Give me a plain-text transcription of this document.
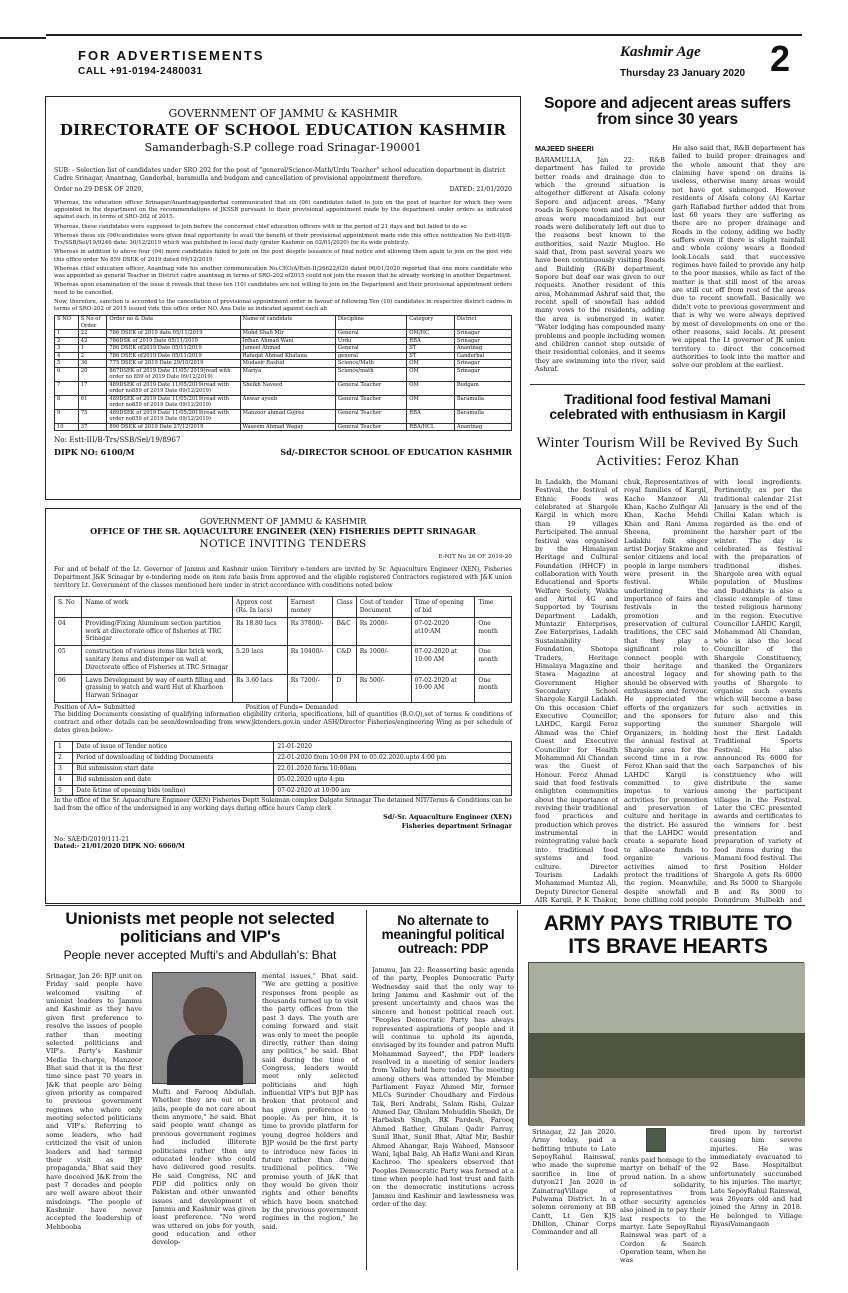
FOR ADVERTISEMENTS
CALL +91-0194-2480031
Kashmir Age
Thursday 23 January 2020 2
GOVERNMENT OF JAMMU & KASHMIR
DIRECTORATE OF SCHOOL EDUCATION KASHMIR
Samanderbagh-S.P college road Srinagar-190001
SUB: - Selection list of candidates under SRO 202 for the post of "general/Science-Math/Urdu Teacher" school education department in district Cadre Srinagar, Anantnag, Ganderbal, baramulla and budgam and cancellation of provisional appointment therefore.
Order no.29 DESK OF 2020,	DATED: 21/01/2020
Whereas, the education officer Srinagar/Anantnag/ganderbal communicated that six (06) candidates failed to join on the post of teacher for which they were appointed in the department on the recommendations of JKSSB pursuant to their provisional appointment made by the department under orders as indicated against each, in terms of SRO-202 of 2015.
Whereas, these candidates were supposed to join before the concerned chief education officers with in the period of 21 days and but failed to do so
Whereas these six (06)candidates were given final opportunity to avail the benefit of their provisional appointment made vide this office notification No Estt-III/B-Trs/SSB/Sel/19/9246 date: 30/12/2019 which was published in local daily (grater Kashmir on 02/01/2020) for its wide publicity.
Whereas in addition to above four (04) more candidates failed to join on the post despite issuance of final notice and allowing them again to join on the post vide this office order No 859 DSEK of 2019 dated 09/12/2019
Whereas chief education officer, Anantnag vide his another communication No.CEO/A/Estt-II/26622/020 dated 06/01/2020 reported that one more candidate who was appointed as general Teacher in District cadre anantnag in terms of SRO-202 of2015 could not join the reason that he already working in another Department.
Whereas upon examination of the issue it reveals that these ten (10) candidates are not willing to join on the Department and their provisional appointment orders need to be cancelled.
Now, therefore, sanction is accorded to the cancellation of provisional appointment order in favour of following Ten (10) candidates in respective district cadres in terms of SRO-202 of 2015 issued vide this office order NO. Ana Date as indicated against each ab
S NO	S No of Order	Order no & Date	Name of candidate	Discipline	Category	District
1	22	786 DSEK of 2019 date 05/11/2019	Mohd Shafi Mir	General	OM/HC	Srinagar
2	42	786DSK of 2019 Date 05/11/2019	Irfhan Ahmad Wani	Urdu	RBA	Srinagar
3	1	786 DSEK of2019 Date 05/11/2019	Jameel Ahmad	General	ST	Anantnag
4	2	786 DSEK of2019 Date 05/11/2019	Rafaqat Ahmad Khatana	general	ST	Ganderbal
5	36	775 DSEK of 2019 Date 29/10/2019	Mudasir Rashid	Science/Math	OM	Srinagar
6	20	867DSEK of 2019 Date 11/05/ 2019(read with order no 859 of 2019 Date 09/12/2019)	Mariya	Science/math	OM	Srinagar
7	17	489DSEK of 2019 Date 11/05/2019(read with order no859 of 2019 Date 09/12/2019)	Sheikh Naveed	General Teacher	OM	Budgam
8	61	489DSEK of 2019 Date 11/05/2019(read with order no859 of 2019 Date 09/12/2019)	Anwar ayoub	General Teacher	OM	Baramulla
9	75	489DSEK of 2019 Date 11/05/2019(read with order no859 of 2019 Date 09/12/2019)	Manzoor ahmad Gojree	General Teacher	RBA	Baramulla
10	37	890 DSEK of 2019 Date 27/12/2019	Waseem Ahmad Wagay	General Teacher	RBA/HCL	Anantnag
No: Estt-III/B-Trs/SSB/Sel/19/8967
DIPK NO: 6100/M	Sd/-DIRECTOR SCHOOL OF EDUCATION KASHMIR
GOVERNMENT OF JAMMU & KASHMIR
OFFICE OF THE SR. AQUACULTURE ENGINEER (XEN) FISHERIES DEPTT SRINAGAR
NOTICE INVITING TENDERS
E-NIT No 26 OF 2019-20
For and of behalf of the Lt. Governor of Jammu and Kashmir union Territory e-tenders are invited by Sr. Aquaculture Engineer (XEN), Fisheries Department J&K Srinagar by e-tendering mode on item rate basis from approved and the eligible registered Contractors registered with J&K union territory Lt. Government of the classes mentioned here under in strict accordance with conditions noted below
S. No	Name of work	Approx cost (Rs. In lacs)	Earnest money	Class	Cost of tender Document	Time of opening of bid	Time
04	Providing/Fixing Aluminum section partition work at directorate office of fisheries at TRC Srinagar	Rs 18.80 lacs	Rs 37800/-	B&C	Rs 2000/-	07-02-2020 at10:AM	One month
05	construction of various items like brick work, sanitary items and distemper on wall at Directorate office of Fisheries at TRC Srinagar	5.20 lacs	Rs 10400/-	C&D	Rs 1000/-	07-02-2020 at 10:00 AM	One month
06	Lawn Development by way of earth filling and grassing to watch and ward Hut at Kharhoon Harwan Srinagar	Rs 3.60 lacs	Rs 7200/-	D	Rs 500/-	07-02-2020 at 10:00 AM	One month
Position of AA= Submitted	Position of Funds= Demanded
The bidding Documents consisting of qualifying information eligibility criteria, specifications, bill of quantities (B.O.Q),set of terms & conditions of contract and other details can be seen/downloading from www.jktenders.gov.in under ASH/Director Fisheries/engineering Wing as per schedule of dates given below:-
1	Date of issue of Tender notice	21-01-2020
2	Period of downloading of bidding Documents	22-01-2020 from 10:00 PM to 05.02.2020.upto 4:00 pm
3	Bid submission start date	22.01.2020 form 10:00am
4	Bid submission end date	05.02.2020 upto 4:pm
5	Date &time of opening bids (online)	07-02-2020 at 10:00 am
In the office of the Sr. Aquaculture Engineer (XEN) Fisheries Deptt Suleiman complex Dalgate Srinagar The detained NIT/Terms & Conditions can be had from the office of the undersigned in any working days during office hours Camp clerk
Sd/-Sr. Aquaculture Engineer (XEN)
Fisheries department Srinagar
No: SAE/D/2019/111-21
Dated:- 21/01/2020 DIPK NO: 6060/M
Sopore and adjecent areas suffers from since 30 years
MAJEED SHEERI
BARAMULLA, Jan 22: R&B department has failed to provide better roads and drainage due to which the ground situation is altogether different at Alsafa colony Sopore and adjacent areas. "Many roads in Sopore town and its adjacent areas were macadamized but our roads were deliberately left out due to the reasons best known to the authorities, said Nazir Mugloo. He said that, from past several years we have been continuously visiting Roads and Building (R&B) department, Sopore but deaf ear was given to our requests. Another resident of this area, Mohammad Ashraf said that, the recent spell of snowfall has added many vows to the residents, adding the area is submerged in water. "Water lodging has compounded many problems and people including women and children cannot step outside of their residential colonies, and it seems they are swimming into the river, said Ashraf.
He also said that, R&B department has failed to build proper drainages and the whole amount that they are claiming have spend on drains is useless, otherwise many areas would not have got submerged. However residents of Alsafa colony (A) Kartar garh Rafiabad further added that from last 60 years they are suffering as there are no proper drainage and Roads in the colony, adding we badly suffers even if there is slight rainfall and whole colony wears a flooded look.Locals said that successive regimes have failed to provide any help to the poor masses, while as fact of the matter is that still most of the areas are still cut off from rest of the areas due to recent snowfall. Basically we didn't vote to previous government and that is why we were always deprived by most of developments on one or the other reasons, said locals. At present we appeal the Lt governor of JK union territory to direct the concerned authorities to look into the matter and solve our problem at the earliest.
Traditional food festival Mamani celebrated with enthusiasm in Kargil
Winter Tourism Will be Revived By Such Activities: Feroz Khan
In Ladakh, the Mamani Festival, the festival of Ethnic Foods was celebrated at Shargole Kargil in which more than 19 villages Participated. The annual festival was organised by the Himalayan Heritage and Cultural Foundation (HHCF) in collaboration with Youth Educational and Sports Welfare Society, Wakha and Airtel 4G and Supported by Tourism Department Ladakh, Muntazir Enterprises, Zee Enterprises, Ladakh Sustainability Foundation, Shotopa Traders, Heritage Himalaya Magazine and Stawa Magazine at Government Higher Secondary School Shargole Kargil Ladakh. On this occasion Chief Executive Councillor, LAHDC, Kargil Feroz Ahmad was the Chief Guest and Executive Councillor for Health Mohammad Ali Chandan was the Guest of Honour. Feroz Ahmad said that food festivals enlighten communities about the importance of reviving their traditional food practices and production which proves instrumental in reintegrating value back into traditional food systems and food culture. Director Tourism Ladakh Mohammad Muntaz Ali, Deputy Director General AIR Kargil, P K Thakur,
chuk, Representatives of royal families of Kargil, Kacho Manzoor Ali Khan, Kacho Zulfiqar Ali Khan, Kacho Mehdi Khan and Rani Amma Sheena, prominent Ladakhi folk singer artist Dorjay Stakmo and senior citizens and local people in large numbers were present in the festival. While underlining the importance of fairs and festivals in the promotion and preservation of cultural traditions, the CEC said that they play a significant role to connect people with their heritage and ancestral legacy and should be observed with enthusiasm and fervour. He appreciated the efforts of the organizers and the sponsors for supporting the Organizers, in holding the annual festival at Shargole area for the second time in a row. Feroz Khan said that the LAHDC Kargil is committed to give impetus to various activities for promotion and preservation of culture and heritage in the district. He assured that the LAHDC would create a separate head to allocate funds to organize various activities aimed to protect the traditions of the region. Meanwhile, despite snowfall and bone chilling cold people
with local ingredients. Pertinently, as per the traditional calendar 21st January is the end of the Chillai Kalan which is regarded as the end of the harsher part of the winter. The day is celebrated as festival with the preparation of traditional dishes. Shargole area with equal population of Muslims and Buddhists is also a classic example of time tested religious harmony in the region. Executive Councillor LAHDC Kargil, Mohammad Ali Chandan, who is also the local Councillor of the Shargole Constituency, thanked the Organizers for showing path to the youths of Shargole to organise such events which will become a base for such activities in future also and this summer Shargole will host the first Ladakh Traditional Sports Festival. He also announced Rs 6000 for each Sarpanches of his constituency who will distribute the same among the participant villages in the Festival. Later the CEC presented awards and certificates to the winners for best presentation and preparation of variety of food items during the Mamani food festival. The first Position Holder Shargole A gets Rs 6000 and Rs 5000 to Shargole B and Rs 3000 to Dongdrum Mulbekh and
Unionists met people not selected politicians and VIP's
People never accepted Mufti's and Abdullah's: Bhat
Srinagar, Jan 26: BJP unit on Friday said people have welcomed visiting of unionist leaders to Jammu and Kashmir as they have given first preference to resolve the issues of people rather than meeting selected politicians and VIP's. Party's Kashmir Media In-charge, Manzoor Bhat said that it is the first time since past 70 years in J&K that people are being given priority as compared to previous government regimes who where only meeting selected politicians and VIP's. Referring to some leaders, who had criticized the visit of union leaders and had termed their visit as 'BJP propaganda,' Bhat said they have deceived J&K from the past 7 decades and people are well aware about their misdoings. "The people of Kashmir have never accepted the leadership of Mehbooba
Mufti and Farooq Abdullah. Whether they are out or in jails, people do not care about them anymore," he said. Bhat said people want change as previous government regimes had included illiterate politicians rather than any educated leader who could have delivered good results. He said Congress, NC and PDP did politics only on Pakistan and other unwanted issues and development of Jammu and Kashmir was given least preference. "No word was uttered on jobs for youth, good education and other develop-
mental issues," Bhat said. "We are getting a positive responses from people as thousands turned up to visit the party offices from the past 3 days. The youth are coming forward and visit was only to meet the people directly, rather than doing any politics," he said. Bhat said during the time of Congress, leaders would meet only selected politicians and high influential VIP's but BJP has broken that protocol and has given preference to people. As per him, it is time to provide platform for young degree holders and BJP would be the first party to introduce new faces in future rather than doing traditional politics. "We promise youth of J&K that they would be given their rights and other benefits which have been snatched by the previous government regimes in the region," he said.
No alternate to meaningful political outreach: PDP
Jammu, Jan 22: Reasserting basic agenda of the party, Peoples Democratic Party Wednesday said that the only way to bring Jammu and Kashmir out of the present uncertainty and chaos was the sincere and honest political reach out. "Peoples Democratic Party has always represented aspirations of people and it will continue to uphold its agenda, envisaged by its founder and patron Mufti Mohammad Sayeed", the PDP leaders resolved in a meeting of senior leaders from Valley held here today. The meeting among others was attended by Member Parliament Fayaz Ahmed Mir, former MLCs Surinder Choudhary and Firdous Tak, Beri Andrabi, Salam Rishi, Gulzar Ahmed Dar, Ghulam Mohuddin Sheikh, Dr Harbaksh Singh, RK Pardesh, Farooq Ahmed Rather, Ghulam Qadir Parray, Sunil Bhat, Sunil Bhat, Altaf Mir, Bashir Ahmed Ahangar, Raja Waheed, Mansoor Wani, Iqbal Baig, Ab Hafiz Wani and Kiran Kachroo. The speakers observed that Peoples Democratic Party was formed at a time when people had lost trust and faith on the democratic institutions across Jammu and Kashmir and lawlessness was order of the day.
ARMY PAYS TRIBUTE TO ITS BRAVE HEARTS
Srinagar, 22 Jan 2020. Army today, paid a befitting tribute to Late SepoyRahul Rainswal, who made the supreme sacrifice in line of dutyon21 Jan 2020 in ZainatragVillage of Pulwama District. In a solemn ceremony at BB Cantt, Lt Gen KJS Dhillon, Chinar Corps Commander and all
ranks paid homage to the martyr on behalf of the proud nation. In a show of solidarity, representatives from other security agencies also joined in to pay their last respects to the martyr. Late SepoyRahul Rainswal was part of a Cordon & Search Operation team, when he was
fired upon by terrorist causing him severe injuries. He was immediately evacuated to 92 Base Hospitalbut unfortunately succumbed to his injuries. The martyr, Late SepoyRahul Rainswal, was 26years old and had joined the Army in 2018. He belonged to Village RiyasiVamangaon
